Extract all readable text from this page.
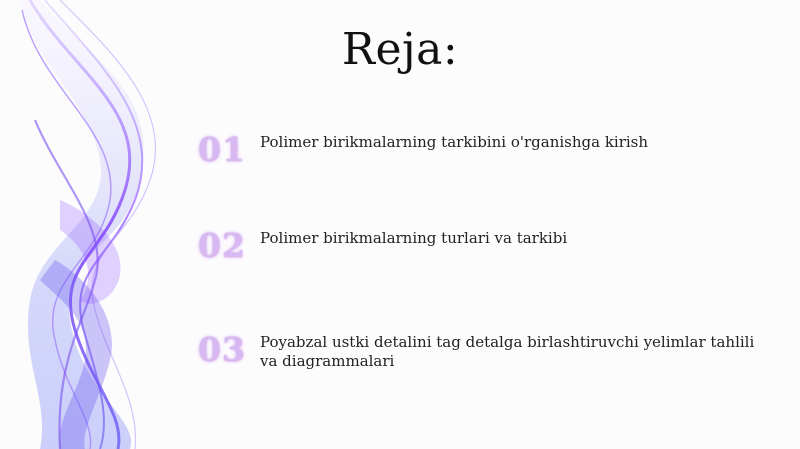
Reja:
01 Polimer birikmalarning tarkibini o'rganishga kirish
02 Polimer birikmalarning turlari va tarkibi
03 Poyabzal ustki detalini tag detalga birlashtiruvchi yelimlar tahlili va diagrammalari
